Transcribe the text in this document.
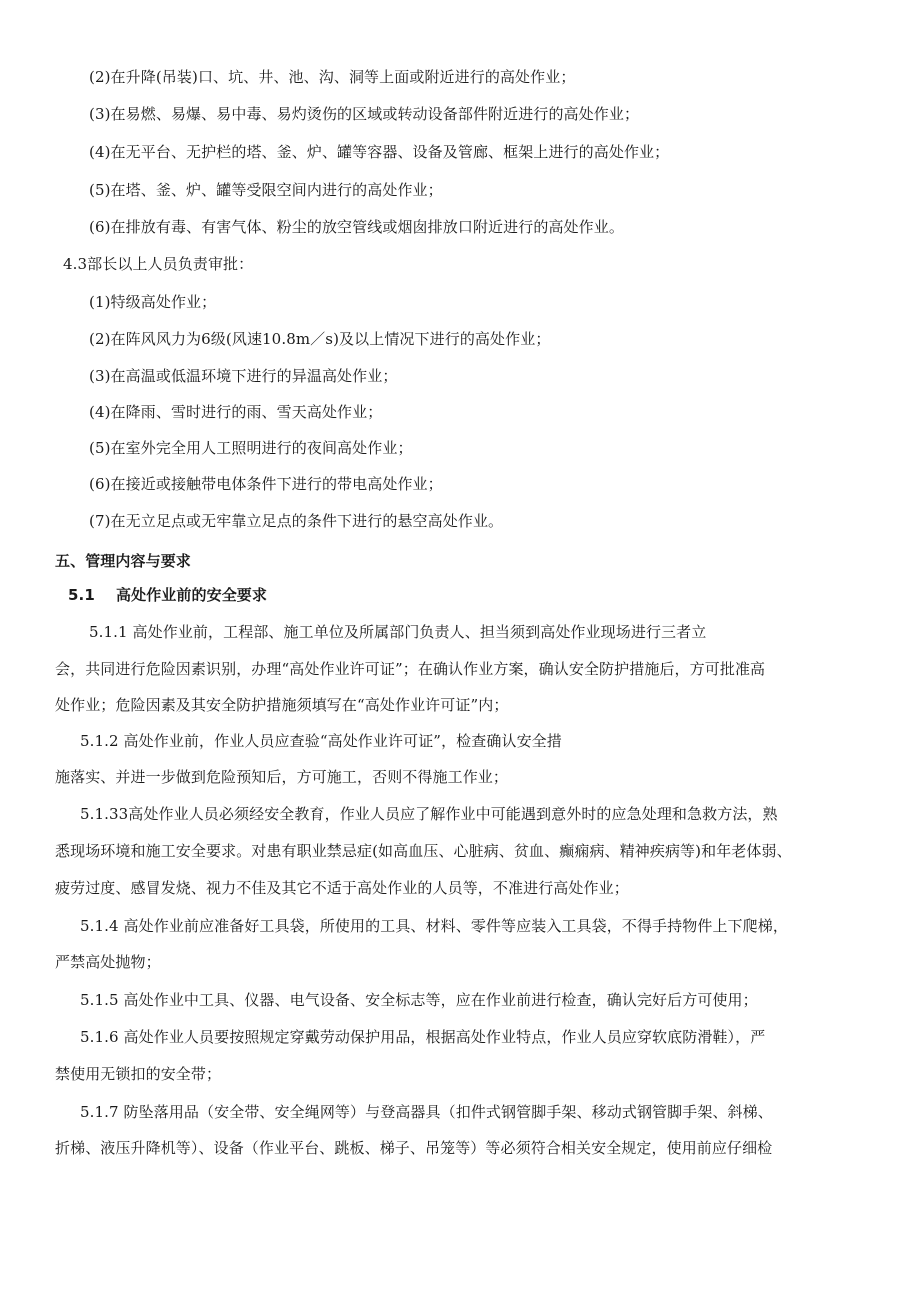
(2)在升降(吊装)口、坑、井、池、沟、洞等上面或附近进行的高处作业；
(3)在易燃、易爆、易中毒、易灼烫伤的区域或转动设备部件附近进行的高处作业；
(4)在无平台、无护栏的塔、釜、炉、罐等容器、设备及管廊、框架上进行的高处作业；
(5)在塔、釜、炉、罐等受限空间内进行的高处作业；
(6)在排放有毒、有害气体、粉尘的放空管线或烟囱排放口附近进行的高处作业。
4.3部长以上人员负责审批：
(1)特级高处作业；
(2)在阵风风力为6级(风速10.8m／s)及以上情况下进行的高处作业；
(3)在高温或低温环境下进行的异温高处作业；
(4)在降雨、雪时进行的雨、雪天高处作业；
(5)在室外完全用人工照明进行的夜间高处作业；
(6)在接近或接触带电体条件下进行的带电高处作业；
(7)在无立足点或无牢靠立足点的条件下进行的悬空高处作业。
五、管理内容与要求
5.1 高处作业前的安全要求
5.1.1 高处作业前，工程部、施工单位及所属部门负责人、担当须到高处作业现场进行三者立
会，共同进行危险因素识别，办理“高处作业许可证”；在确认作业方案，确认安全防护措施后，方可批准高
处作业；危险因素及其安全防护措施须填写在“高处作业许可证”内；
5.1.2 高处作业前，作业人员应查验“高处作业许可证”，检查确认安全措
施落实、并进一步做到危险预知后，方可施工，否则不得施工作业；
5.1.33高处作业人员必须经安全教育，作业人员应了解作业中可能遇到意外时的应急处理和急救方法，熟
悉现场环境和施工安全要求。对患有职业禁忌症(如高血压、心脏病、贫血、癫痫病、精神疾病等)和年老体弱、
疲劳过度、感冒发烧、视力不佳及其它不适于高处作业的人员等，不准进行高处作业；
5.1.4 高处作业前应准备好工具袋，所使用的工具、材料、零件等应装入工具袋，不得手持物件上下爬梯，
严禁高处抛物；
5.1.5 高处作业中工具、仪器、电气设备、安全标志等，应在作业前进行检查，确认完好后方可使用；
5.1.6 高处作业人员要按照规定穿戴劳动保护用品，根据高处作业特点，作业人员应穿软底防滑鞋），严
禁使用无锁扣的安全带；
5.1.7 防坠落用品（安全带、安全绳网等）与登高器具（扣件式钢管脚手架、移动式钢管脚手架、斜梯、
折梯、液压升降机等）、设备（作业平台、跳板、梯子、吊笼等）等必须符合相关安全规定，使用前应仔细检
